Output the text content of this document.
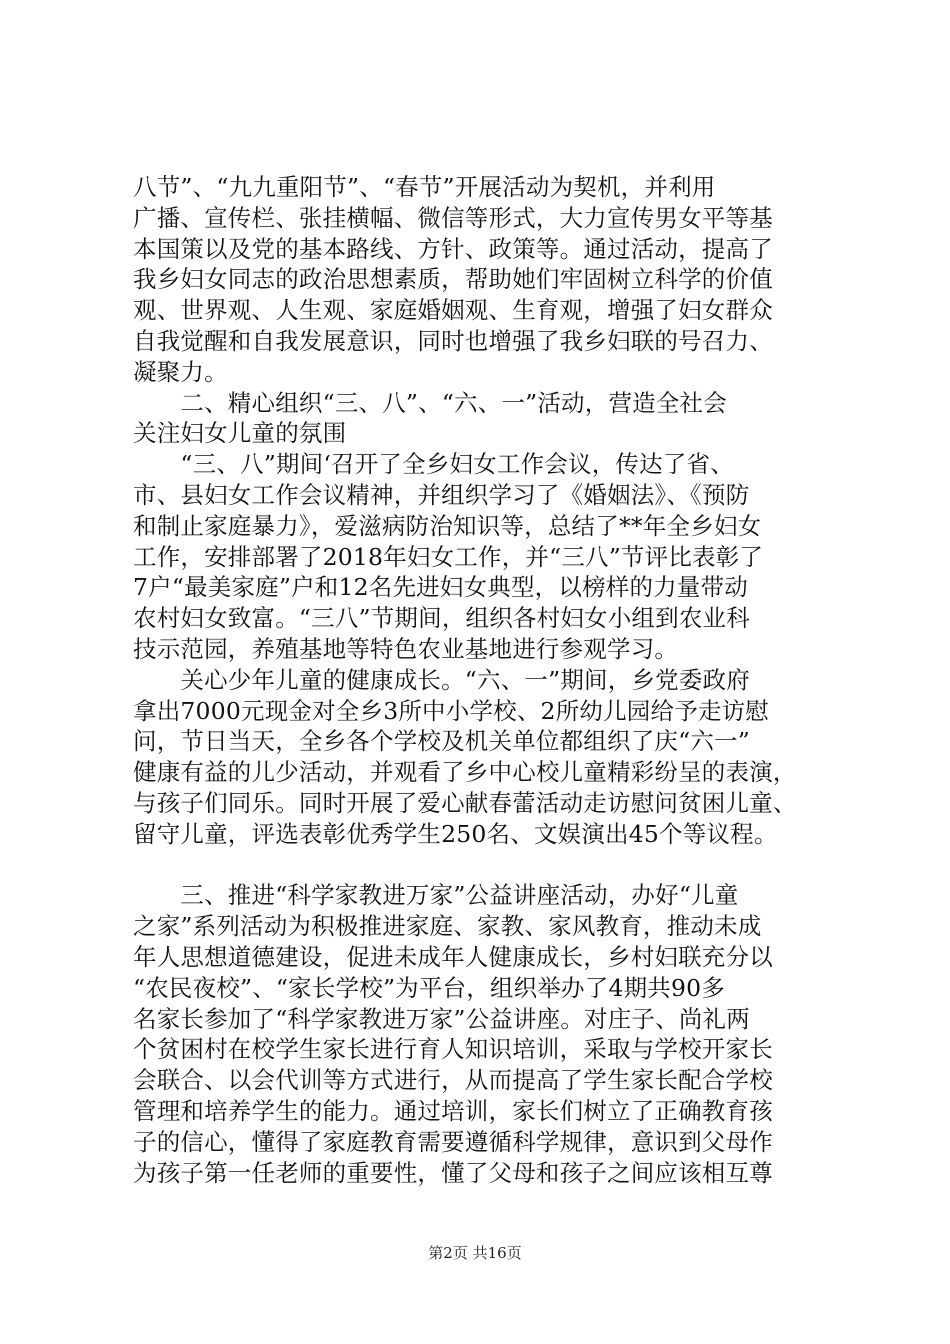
八节”、“九九重阳节”、“春节”开展活动为契机，并利用
广播、宣传栏、张挂横幅、微信等形式，大力宣传男女平等基
本国策以及党的基本路线、方针、政策等。通过活动，提高了
我乡妇女同志的政治思想素质，帮助她们牢固树立科学的价值
观、世界观、人生观、家庭婚姻观、生育观，增强了妇女群众
自我觉醒和自我发展意识，同时也增强了我乡妇联的号召力、
凝聚力。
　　二、精心组织“三、八”、“六、一”活动，营造全社会
关注妇女儿童的氛围
　　“三、八”期间‘召开了全乡妇女工作会议，传达了省、
市、县妇女工作会议精神，并组织学习了《婚姻法》、《预防
和制止家庭暴力》，爱滋病防治知识等，总结了**年全乡妇女
工作，安排部署了2018年妇女工作，并“三八”节评比表彰了
7户“最美家庭”户和12名先进妇女典型，以榜样的力量带动
农村妇女致富。“三八”节期间，组织各村妇女小组到农业科
技示范园，养殖基地等特色农业基地进行参观学习。
　　关心少年儿童的健康成长。“六、一”期间，乡党委政府
拿出7000元现金对全乡3所中小学校、2所幼儿园给予走访慰
问，节日当天，全乡各个学校及机关单位都组织了庆“六一”
健康有益的儿少活动，并观看了乡中心校儿童精彩纷呈的表演，
与孩子们同乐。同时开展了爱心献春蕾活动走访慰问贫困儿童、
留守儿童，评选表彰优秀学生250名、文娱演出45个等议程。
　　三、推进“科学家教进万家”公益讲座活动，办好“儿童
之家”系列活动为积极推进家庭、家教、家风教育，推动未成
年人思想道德建设，促进未成年人健康成长，乡村妇联充分以
“农民夜校”、“家长学校”为平台，组织举办了4期共90多
名家长参加了“科学家教进万家”公益讲座。对庄子、尚礼两
个贫困村在校学生家长进行育人知识培训，采取与学校开家长
会联合、以会代训等方式进行，从而提高了学生家长配合学校
管理和培养学生的能力。通过培训，家长们树立了正确教育孩
子的信心，懂得了家庭教育需要遵循科学规律，意识到父母作
为孩子第一任老师的重要性，懂了父母和孩子之间应该相互尊
第2页 共16页
